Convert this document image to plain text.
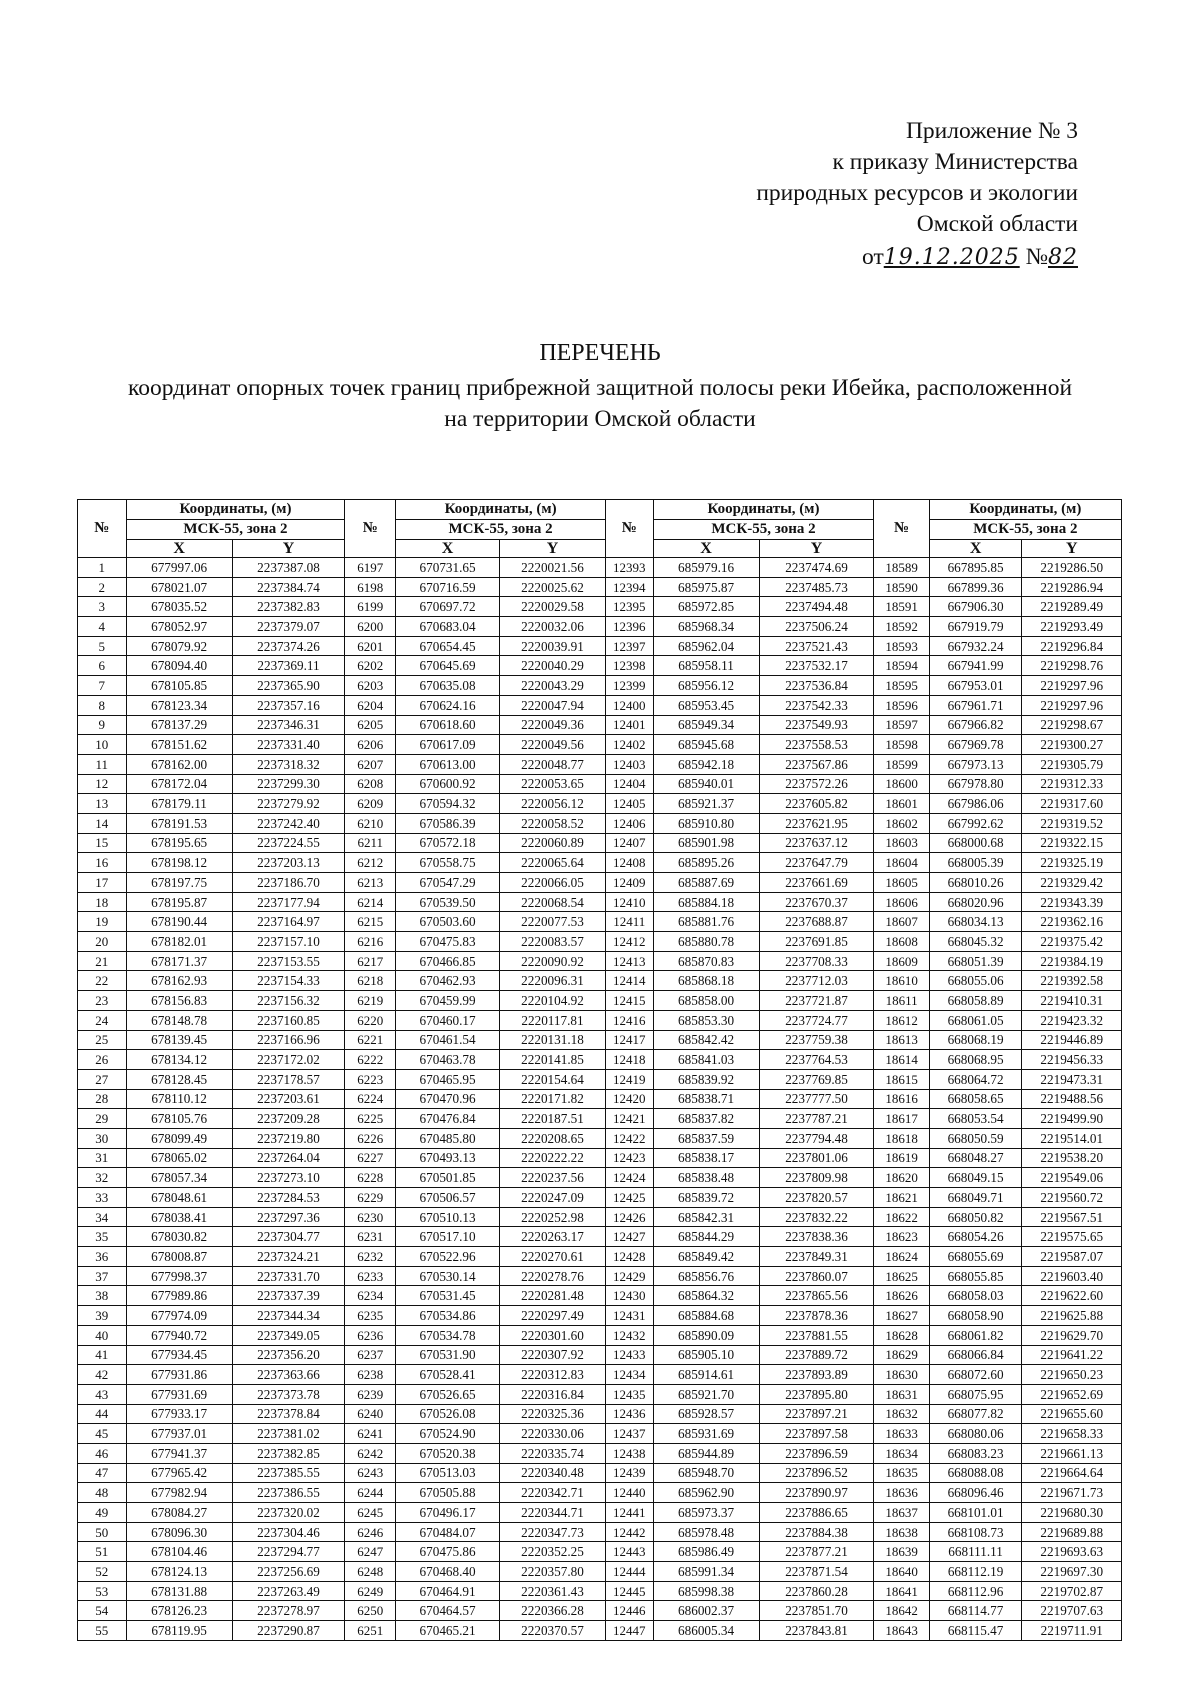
Приложение № 3
к приказу Министерства
природных ресурсов и экологии
Омской области
от19.12.2025 №82
ПЕРЕЧЕНЬ
координат опорных точек границ прибрежной защитной полосы реки Ибейка, расположенной
на территории Омской области
№	Координаты, (м)		№	Координаты, (м)		№	Координаты, (м)		№	Координаты, (м)	
	МСК-55, зона 2			МСК-55, зона 2			МСК-55, зона 2			МСК-55, зона 2	
	X	Y		X	Y		X	Y		X	Y
1	677997.06	2237387.08	6197	670731.65	2220021.56	12393	685979.16	2237474.69	18589	667895.85	2219286.50
2	678021.07	2237384.74	6198	670716.59	2220025.62	12394	685975.87	2237485.73	18590	667899.36	2219286.94
3	678035.52	2237382.83	6199	670697.72	2220029.58	12395	685972.85	2237494.48	18591	667906.30	2219289.49
4	678052.97	2237379.07	6200	670683.04	2220032.06	12396	685968.34	2237506.24	18592	667919.79	2219293.49
5	678079.92	2237374.26	6201	670654.45	2220039.91	12397	685962.04	2237521.43	18593	667932.24	2219296.84
6	678094.40	2237369.11	6202	670645.69	2220040.29	12398	685958.11	2237532.17	18594	667941.99	2219298.76
7	678105.85	2237365.90	6203	670635.08	2220043.29	12399	685956.12	2237536.84	18595	667953.01	2219297.96
8	678123.34	2237357.16	6204	670624.16	2220047.94	12400	685953.45	2237542.33	18596	667961.71	2219297.96
9	678137.29	2237346.31	6205	670618.60	2220049.36	12401	685949.34	2237549.93	18597	667966.82	2219298.67
10	678151.62	2237331.40	6206	670617.09	2220049.56	12402	685945.68	2237558.53	18598	667969.78	2219300.27
11	678162.00	2237318.32	6207	670613.00	2220048.77	12403	685942.18	2237567.86	18599	667973.13	2219305.79
12	678172.04	2237299.30	6208	670600.92	2220053.65	12404	685940.01	2237572.26	18600	667978.80	2219312.33
13	678179.11	2237279.92	6209	670594.32	2220056.12	12405	685921.37	2237605.82	18601	667986.06	2219317.60
14	678191.53	2237242.40	6210	670586.39	2220058.52	12406	685910.80	2237621.95	18602	667992.62	2219319.52
15	678195.65	2237224.55	6211	670572.18	2220060.89	12407	685901.98	2237637.12	18603	668000.68	2219322.15
16	678198.12	2237203.13	6212	670558.75	2220065.64	12408	685895.26	2237647.79	18604	668005.39	2219325.19
17	678197.75	2237186.70	6213	670547.29	2220066.05	12409	685887.69	2237661.69	18605	668010.26	2219329.42
18	678195.87	2237177.94	6214	670539.50	2220068.54	12410	685884.18	2237670.37	18606	668020.96	2219343.39
19	678190.44	2237164.97	6215	670503.60	2220077.53	12411	685881.76	2237688.87	18607	668034.13	2219362.16
20	678182.01	2237157.10	6216	670475.83	2220083.57	12412	685880.78	2237691.85	18608	668045.32	2219375.42
21	678171.37	2237153.55	6217	670466.85	2220090.92	12413	685870.83	2237708.33	18609	668051.39	2219384.19
22	678162.93	2237154.33	6218	670462.93	2220096.31	12414	685868.18	2237712.03	18610	668055.06	2219392.58
23	678156.83	2237156.32	6219	670459.99	2220104.92	12415	685858.00	2237721.87	18611	668058.89	2219410.31
24	678148.78	2237160.85	6220	670460.17	2220117.81	12416	685853.30	2237724.77	18612	668061.05	2219423.32
25	678139.45	2237166.96	6221	670461.54	2220131.18	12417	685842.42	2237759.38	18613	668068.19	2219446.89
26	678134.12	2237172.02	6222	670463.78	2220141.85	12418	685841.03	2237764.53	18614	668068.95	2219456.33
27	678128.45	2237178.57	6223	670465.95	2220154.64	12419	685839.92	2237769.85	18615	668064.72	2219473.31
28	678110.12	2237203.61	6224	670470.96	2220171.82	12420	685838.71	2237777.50	18616	668058.65	2219488.56
29	678105.76	2237209.28	6225	670476.84	2220187.51	12421	685837.82	2237787.21	18617	668053.54	2219499.90
30	678099.49	2237219.80	6226	670485.80	2220208.65	12422	685837.59	2237794.48	18618	668050.59	2219514.01
31	678065.02	2237264.04	6227	670493.13	2220222.22	12423	685838.17	2237801.06	18619	668048.27	2219538.20
32	678057.34	2237273.10	6228	670501.85	2220237.56	12424	685838.48	2237809.98	18620	668049.15	2219549.06
33	678048.61	2237284.53	6229	670506.57	2220247.09	12425	685839.72	2237820.57	18621	668049.71	2219560.72
34	678038.41	2237297.36	6230	670510.13	2220252.98	12426	685842.31	2237832.22	18622	668050.82	2219567.51
35	678030.82	2237304.77	6231	670517.10	2220263.17	12427	685844.29	2237838.36	18623	668054.26	2219575.65
36	678008.87	2237324.21	6232	670522.96	2220270.61	12428	685849.42	2237849.31	18624	668055.69	2219587.07
37	677998.37	2237331.70	6233	670530.14	2220278.76	12429	685856.76	2237860.07	18625	668055.85	2219603.40
38	677989.86	2237337.39	6234	670531.45	2220281.48	12430	685864.32	2237865.56	18626	668058.03	2219622.60
39	677974.09	2237344.34	6235	670534.86	2220297.49	12431	685884.68	2237878.36	18627	668058.90	2219625.88
40	677940.72	2237349.05	6236	670534.78	2220301.60	12432	685890.09	2237881.55	18628	668061.82	2219629.70
41	677934.45	2237356.20	6237	670531.90	2220307.92	12433	685905.10	2237889.72	18629	668066.84	2219641.22
42	677931.86	2237363.66	6238	670528.41	2220312.83	12434	685914.61	2237893.89	18630	668072.60	2219650.23
43	677931.69	2237373.78	6239	670526.65	2220316.84	12435	685921.70	2237895.80	18631	668075.95	2219652.69
44	677933.17	2237378.84	6240	670526.08	2220325.36	12436	685928.57	2237897.21	18632	668077.82	2219655.60
45	677937.01	2237381.02	6241	670524.90	2220330.06	12437	685931.69	2237897.58	18633	668080.06	2219658.33
46	677941.37	2237382.85	6242	670520.38	2220335.74	12438	685944.89	2237896.59	18634	668083.23	2219661.13
47	677965.42	2237385.55	6243	670513.03	2220340.48	12439	685948.70	2237896.52	18635	668088.08	2219664.64
48	677982.94	2237386.55	6244	670505.88	2220342.71	12440	685962.90	2237890.97	18636	668096.46	2219671.73
49	678084.27	2237320.02	6245	670496.17	2220344.71	12441	685973.37	2237886.65	18637	668101.01	2219680.30
50	678096.30	2237304.46	6246	670484.07	2220347.73	12442	685978.48	2237884.38	18638	668108.73	2219689.88
51	678104.46	2237294.77	6247	670475.86	2220352.25	12443	685986.49	2237877.21	18639	668111.11	2219693.63
52	678124.13	2237256.69	6248	670468.40	2220357.80	12444	685991.34	2237871.54	18640	668112.19	2219697.30
53	678131.88	2237263.49	6249	670464.91	2220361.43	12445	685998.38	2237860.28	18641	668112.96	2219702.87
54	678126.23	2237278.97	6250	670464.57	2220366.28	12446	686002.37	2237851.70	18642	668114.77	2219707.63
55	678119.95	2237290.87	6251	670465.21	2220370.57	12447	686005.34	2237843.81	18643	668115.47	2219711.91
